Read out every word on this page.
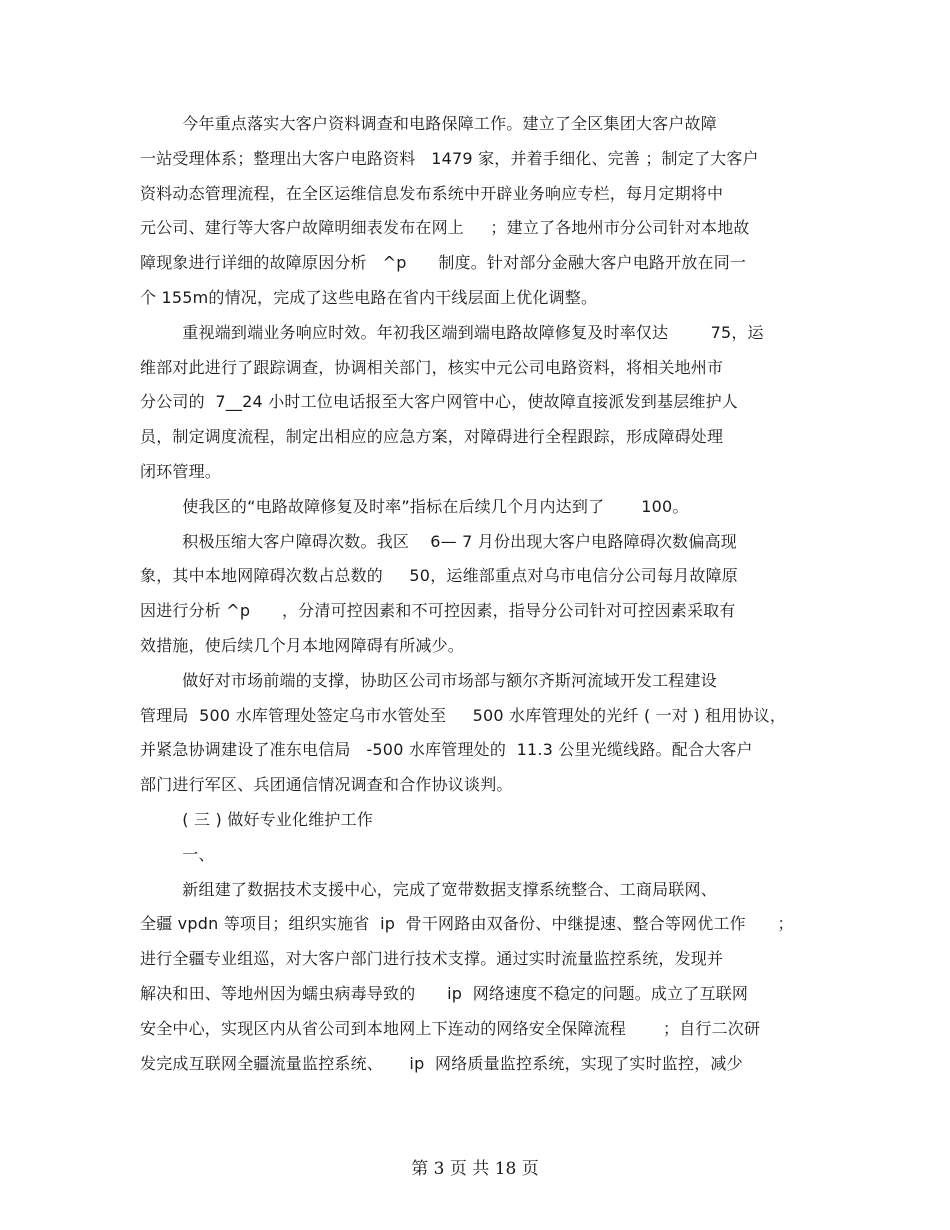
今年重点落实大客户资料调查和电路保障工作。建立了全区集团大客户故障
一站受理体系；整理出大客户电路资料   1479 家，并着手细化、完善 ；制定了大客户
资料动态管理流程，在全区运维信息发布系统中开辟业务响应专栏，每月定期将中
元公司、建行等大客户故障明细表发布在网上     ；建立了各地州市分公司针对本地故
障现象进行详细的故障原因分析   ^p      制度。针对部分金融大客户电路开放在同一
个 155m的情况，完成了这些电路在省内干线层面上优化调整。
重视端到端业务响应时效。年初我区端到端电路故障修复及时率仅达        75，运
维部对此进行了跟踪调查，协调相关部门，核实中元公司电路资料，将相关地州市
分公司的  7__24 小时工位电话报至大客户网管中心，使故障直接派发到基层维护人
员，制定调度流程，制定出相应的应急方案，对障碍进行全程跟踪，形成障碍处理
闭环管理。
使我区的“电路故障修复及时率”指标在后续几个月内达到了       100。
积极压缩大客户障碍次数。我区    6— 7 月份出现大客户电路障碍次数偏高现
象，其中本地网障碍次数占总数的     50，运维部重点对乌市电信分公司每月故障原
因进行分析 ^p      ，分清可控因素和不可控因素，指导分公司针对可控因素采取有
效措施，使后续几个月本地网障碍有所减少。
做好对市场前端的支撑，协助区公司市场部与额尔齐斯河流域开发工程建设
管理局  500 水库管理处签定乌市水管处至     500 水库管理处的光纤 ( 一对 ) 租用协议，
并紧急协调建设了准东电信局   -500 水库管理处的  11.3 公里光缆线路。配合大客户
部门进行军区、兵团通信情况调查和合作协议谈判。
( 三 ) 做好专业化维护工作
一、
新组建了数据技术支援中心，完成了宽带数据支撑系统整合、工商局联网、
全疆 vpdn 等项目；组织实施省  ip  骨干网路由双备份、中继提速、整合等网优工作      ；
进行全疆专业组巡，对大客户部门进行技术支撑。通过实时流量监控系统，发现并
解决和田、等地州因为蠕虫病毒导致的      ip  网络速度不稳定的问题。成立了互联网
安全中心，实现区内从省公司到本地网上下连动的网络安全保障流程       ；自行二次研
发完成互联网全疆流量监控系统、     ip  网络质量监控系统，实现了实时监控，减少
第 3 页 共 18 页
